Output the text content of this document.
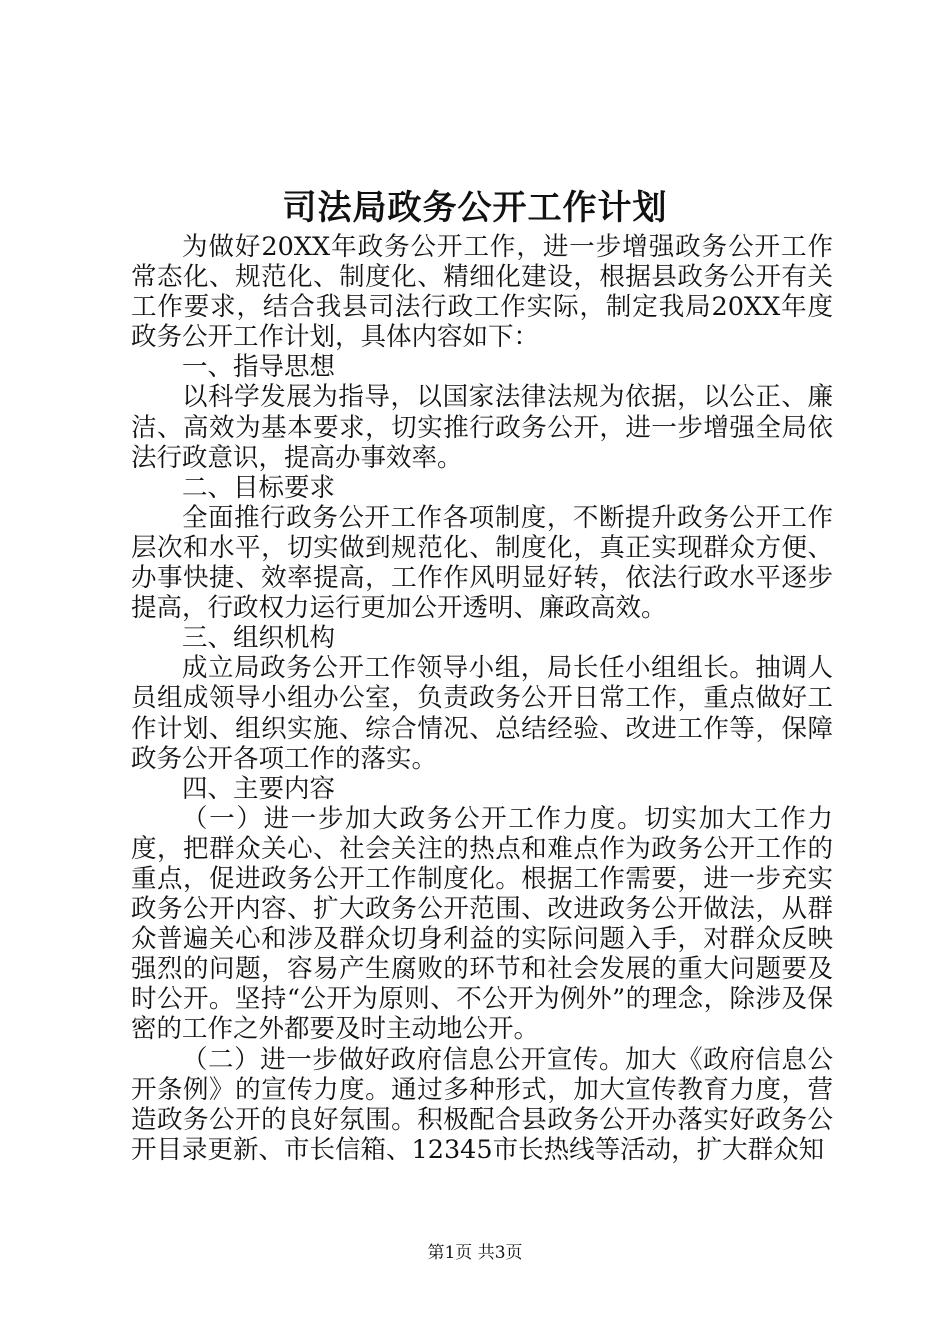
司法局政务公开工作计划

为做好20XX年政务公开工作，进一步增强政务公开工作常态化、规范化、制度化、精细化建设，根据县政务公开有关工作要求，结合我县司法行政工作实际，制定我局20XX年度政务公开工作计划，具体内容如下：

一、指导思想

以科学发展为指导，以国家法律法规为依据，以公正、廉洁、高效为基本要求，切实推行政务公开，进一步增强全局依法行政意识，提高办事效率。

二、目标要求

全面推行政务公开工作各项制度，不断提升政务公开工作层次和水平，切实做到规范化、制度化，真正实现群众方便、办事快捷、效率提高，工作作风明显好转，依法行政水平逐步提高，行政权力运行更加公开透明、廉政高效。

三、组织机构

成立局政务公开工作领导小组，局长任小组组长。抽调人员组成领导小组办公室，负责政务公开日常工作，重点做好工作计划、组织实施、综合情况、总结经验、改进工作等，保障政务公开各项工作的落实。

四、主要内容

（一）进一步加大政务公开工作力度。切实加大工作力度，把群众关心、社会关注的热点和难点作为政务公开工作的重点，促进政务公开工作制度化。根据工作需要，进一步充实政务公开内容、扩大政务公开范围、改进政务公开做法，从群众普遍关心和涉及群众切身利益的实际问题入手，对群众反映强烈的问题，容易产生腐败的环节和社会发展的重大问题要及时公开。坚持“公开为原则、不公开为例外”的理念，除涉及保密的工作之外都要及时主动地公开。

（二）进一步做好政府信息公开宣传。加大《政府信息公开条例》的宣传力度。通过多种形式，加大宣传教育力度，营造政务公开的良好氛围。积极配合县政务公开办落实好政务公开目录更新、市长信箱、12345市长热线等活动，扩大群众知

第1页 共3页
